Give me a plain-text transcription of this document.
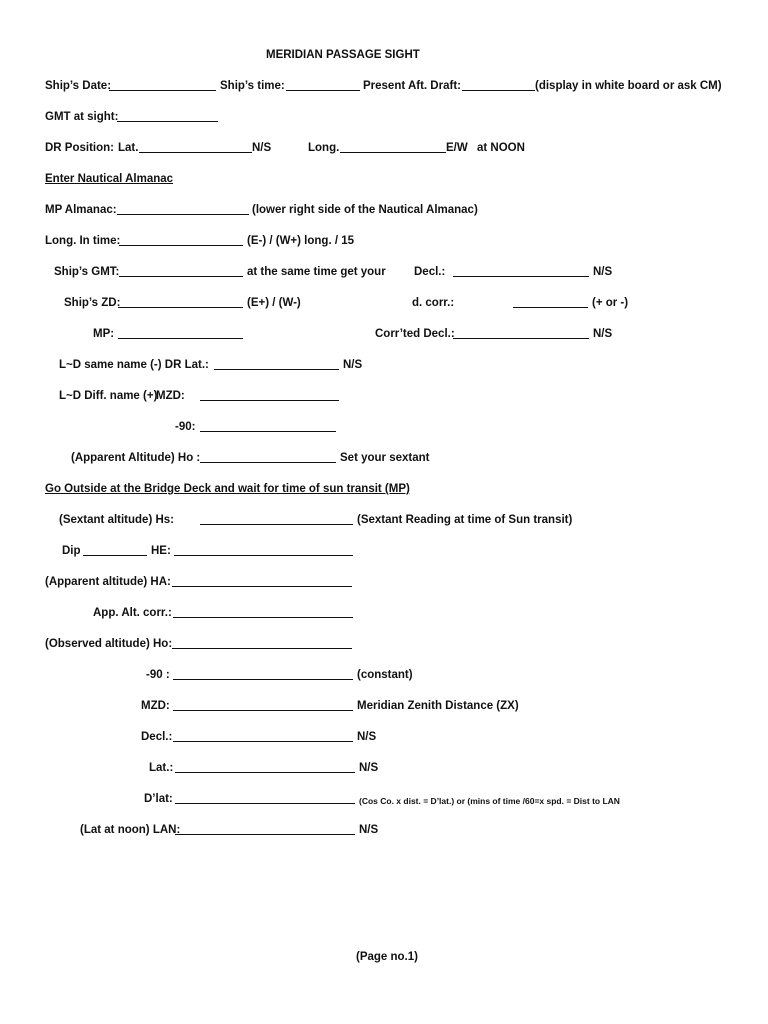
MERIDIAN PASSAGE SIGHT
Ship’s Date:	Ship’s time:	Present Aft. Draft:	(display in white board or ask CM)
GMT at sight:
DR Position: Lat.	N/S	Long.	E/W at NOON
Enter Nautical Almanac
MP Almanac:	(lower right side of the Nautical Almanac)
Long. In time:	(E-) / (W+) long. / 15
Ship’s GMT:	at the same time get your Decl.:	N/S
Ship’s ZD:	(E+) / (W-)	d. corr.:	(+ or -)
MP:	Corr’ted Decl.:	N/S
L~D same name (-) DR Lat.:	N/S
L~D Diff. name (+)
MZD:
-90:
(Apparent Altitude) Ho :	Set your sextant
Go Outside at the Bridge Deck and wait for time of sun transit (MP)
(Sextant altitude) Hs:	(Sextant Reading at time of Sun transit)
Dip	HE:
(Apparent altitude) HA:
App. Alt. corr.:
(Observed altitude) Ho:
-90 :	(constant)
MZD:	Meridian Zenith Distance (ZX)
Decl.:	N/S
Lat.:	N/S
D’lat:	(Cos Co. x dist. = D’lat.) or (mins of time /60=x spd. = Dist to LAN
(Lat at noon) LAN:	N/S
(Page no.1)
